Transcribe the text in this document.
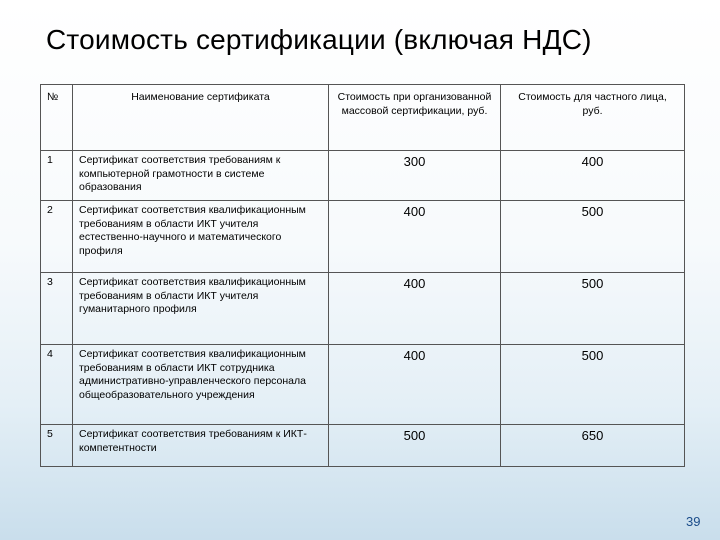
Стоимость сертификации (включая НДС)
№	Наименование сертификата	Стоимость при организованной массовой сертификации, руб.	Стоимость для частного лица, руб.
1	Сертификат соответствия требованиям к компьютерной грамотности в системе образования	300	400
2	Сертификат соответствия квалификационным требованиям в области ИКТ учителя естественно-научного и математического профиля	400	500
3	Сертификат соответствия квалификационным требованиям в области ИКТ учителя гуманитарного профиля	400	500
4	Сертификат соответствия квалификационным требованиям в области ИКТ сотрудника административно-управленческого персонала общеобразовательного учреждения	400	500
5	Сертификат соответствия требованиям к ИКТ-компетентности	500	650
39
